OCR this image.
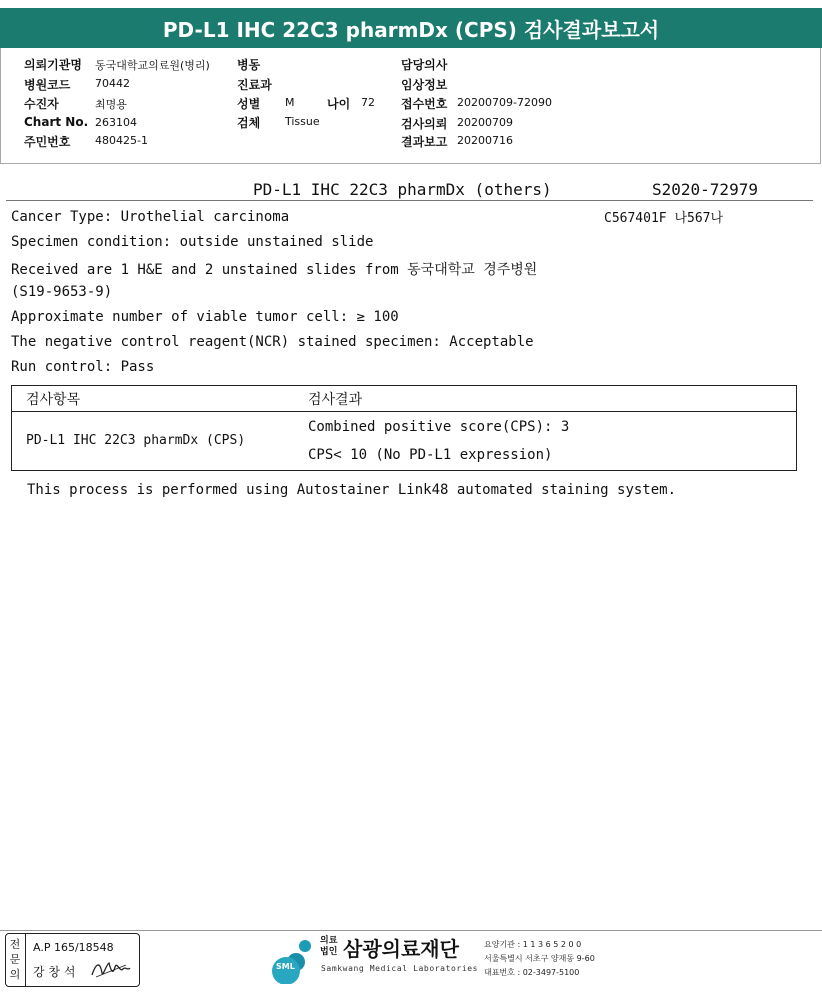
PD-L1 IHC 22C3 pharmDx (CPS) 검사결과보고서
의뢰기관명 동국대학교의료원(병리) 병동	담당의사
병원코드 70442	진료과	임상정보
수진자	최명용	성별 M	나이 72 접수번호 20200709-72090
Chart No. 263104	검체 Tissue	검사의뢰 20200709
주민번호 480425-1	결과보고 20200716
PD-L1 IHC 22C3 pharmDx (others)	S2020-72979
C567401F 나567나
Cancer Type: Urothelial carcinoma
Specimen condition: outside unstained slide
Received are 1 H&E and 2 unstained slides from 동국대학교 경주병원
(S19-9653-9)
Approximate number of viable tumor cell: ≥ 100
The negative control reagent(NCR) stained specimen: Acceptable
Run control: Pass
검사항목	검사결과
PD-L1 IHC 22C3 pharmDx (CPS)
Combined positive score(CPS): 3
CPS< 10 (No PD-L1 expression)
This process is performed using Autostainer Link48 automated staining system.
전문의
A.P 165/18548
강 창 석	SML
의료
법인 삼광의료재단
Samkwang Medical Laboratories
요양기관 : 1 1 3 6 5 2 0 0
서울특별시 서초구 양재동 9-60
대표번호 : 02-3497-5100
